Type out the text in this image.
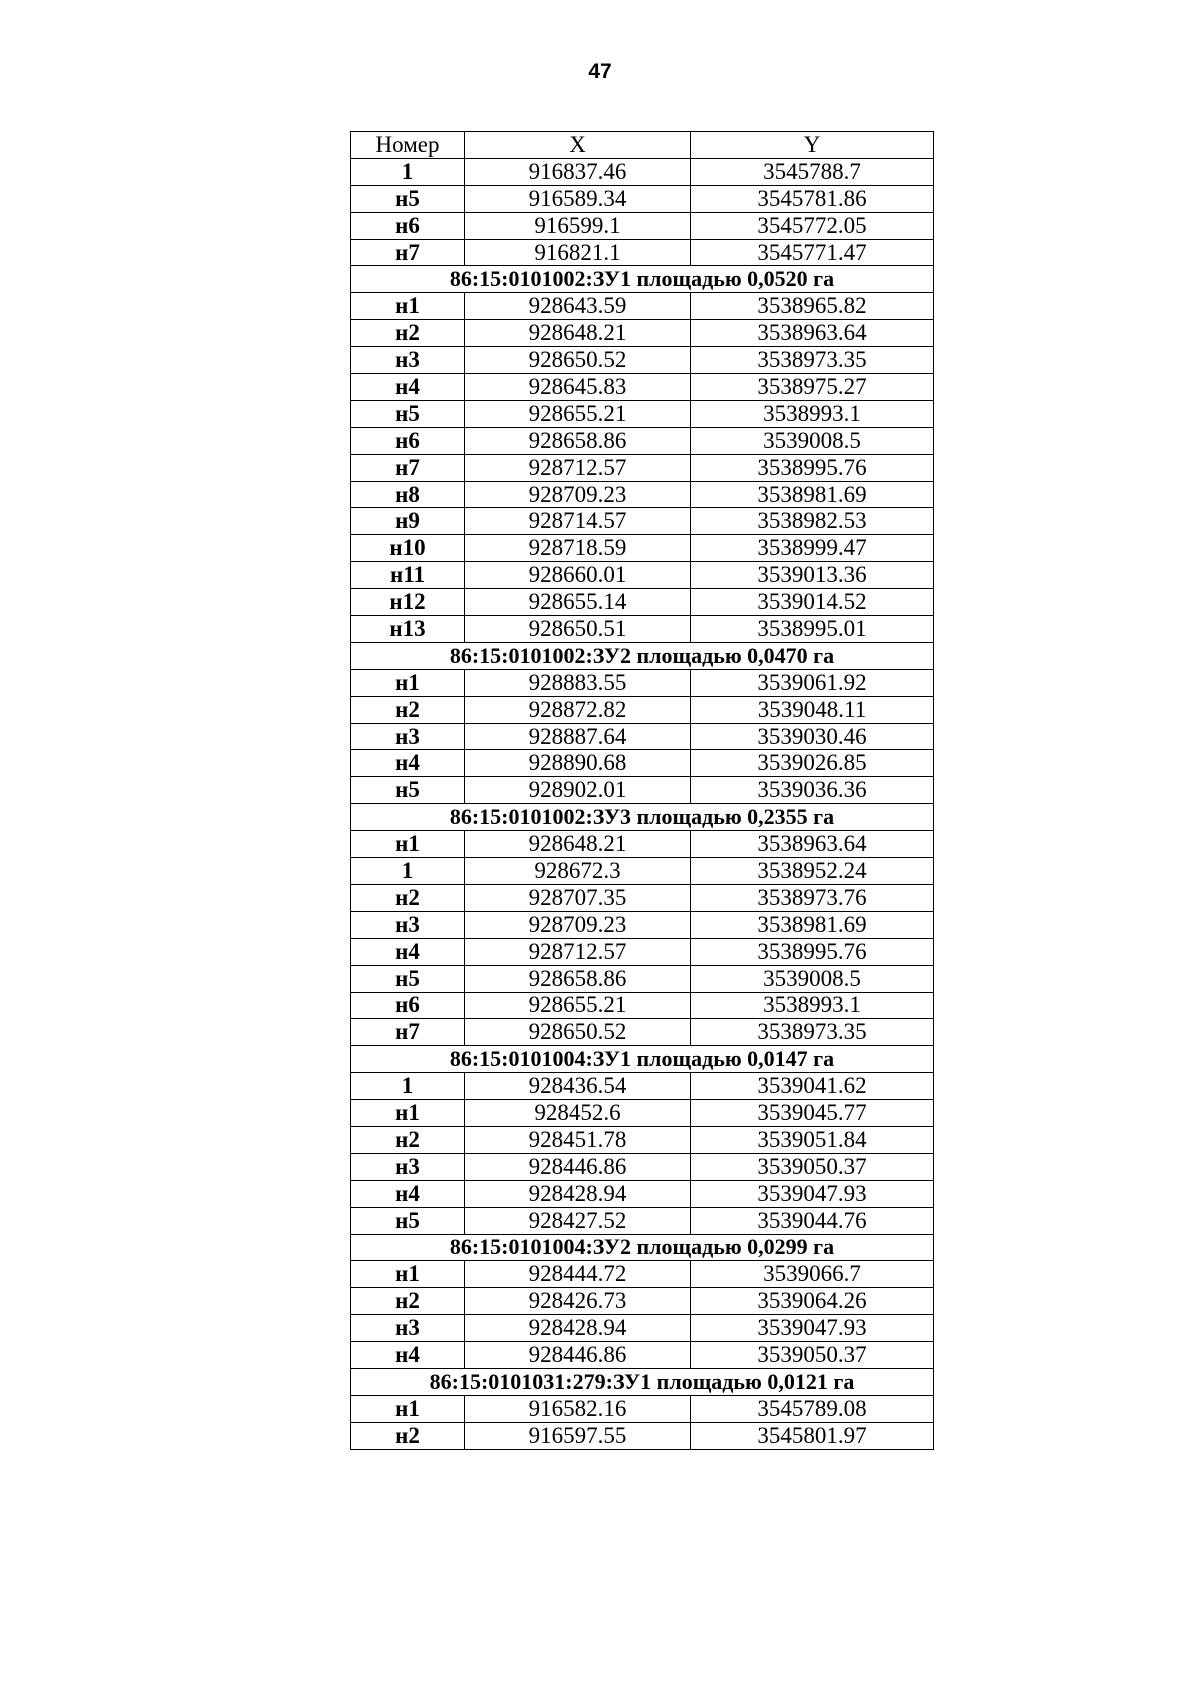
47
Номер	X	Y
1	916837.46	3545788.7
н5	916589.34	3545781.86
н6	916599.1	3545772.05
н7	916821.1	3545771.47
86:15:0101002:ЗУ1 площадью 0,0520 га		
н1	928643.59	3538965.82
н2	928648.21	3538963.64
н3	928650.52	3538973.35
н4	928645.83	3538975.27
н5	928655.21	3538993.1
н6	928658.86	3539008.5
н7	928712.57	3538995.76
н8	928709.23	3538981.69
н9	928714.57	3538982.53
н10	928718.59	3538999.47
н11	928660.01	3539013.36
н12	928655.14	3539014.52
н13	928650.51	3538995.01
86:15:0101002:ЗУ2 площадью 0,0470 га		
н1	928883.55	3539061.92
н2	928872.82	3539048.11
н3	928887.64	3539030.46
н4	928890.68	3539026.85
н5	928902.01	3539036.36
86:15:0101002:ЗУ3 площадью 0,2355 га		
н1	928648.21	3538963.64
1	928672.3	3538952.24
н2	928707.35	3538973.76
н3	928709.23	3538981.69
н4	928712.57	3538995.76
н5	928658.86	3539008.5
н6	928655.21	3538993.1
н7	928650.52	3538973.35
86:15:0101004:ЗУ1 площадью 0,0147 га		
1	928436.54	3539041.62
н1	928452.6	3539045.77
н2	928451.78	3539051.84
н3	928446.86	3539050.37
н4	928428.94	3539047.93
н5	928427.52	3539044.76
86:15:0101004:ЗУ2 площадью 0,0299 га		
н1	928444.72	3539066.7
н2	928426.73	3539064.26
н3	928428.94	3539047.93
н4	928446.86	3539050.37
86:15:0101031:279:ЗУ1 площадью 0,0121 га		
н1	916582.16	3545789.08
н2	916597.55	3545801.97
